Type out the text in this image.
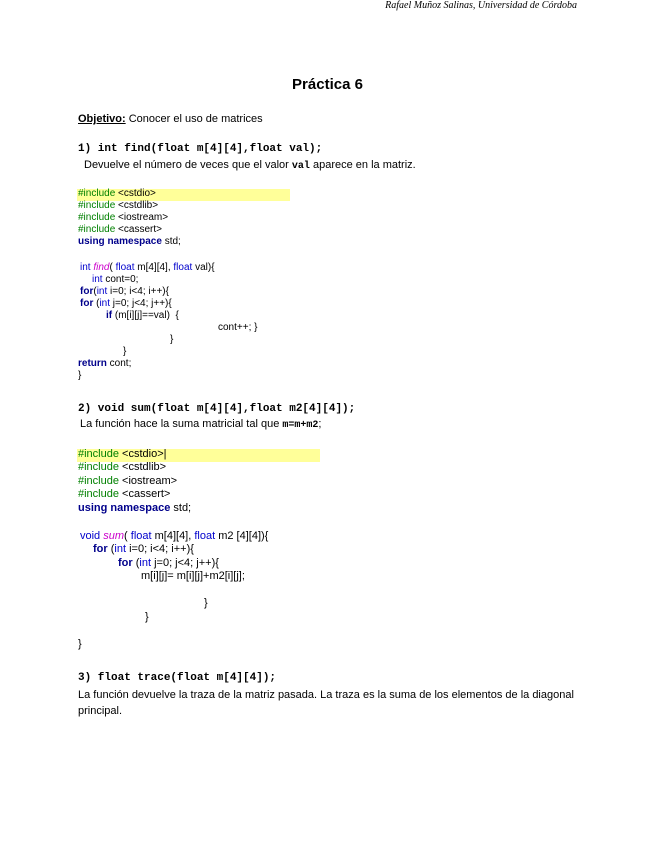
Rafael Muñoz Salinas, Universidad de Córdoba
Práctica 6
Objetivo: Conocer el uso de matrices
1) int find(float m[4][4],float val);
Devuelve el número de veces que el valor val aparece en la matriz.
#include <cstdio>
#include <cstdlib>
#include <iostream>
#include <cassert>
using namespace std;
int find( float m[4][4], float val){
int cont=0;
for(int i=0; i<4; i++){
for (int j=0; j<4; j++){
if (m[i][j]==val)  {
cont++; }
}
}
return cont;
}
2) void sum(float m[4][4],float m2[4][4]);
La función hace la suma matricial tal que m=m+m2;
#include <cstdio>|
#include <cstdlib>
#include <iostream>
#include <cassert>
using namespace std;
void sum( float m[4][4], float m2 [4][4]){
for (int i=0; i<4; i++){
for (int j=0; j<4; j++){
m[i][j]= m[i][j]+m2[i][j];
}
}
}
3) float trace(float m[4][4]);
La función devuelve la traza de la matriz pasada. La traza es la suma de los elementos de la diagonal principal.
